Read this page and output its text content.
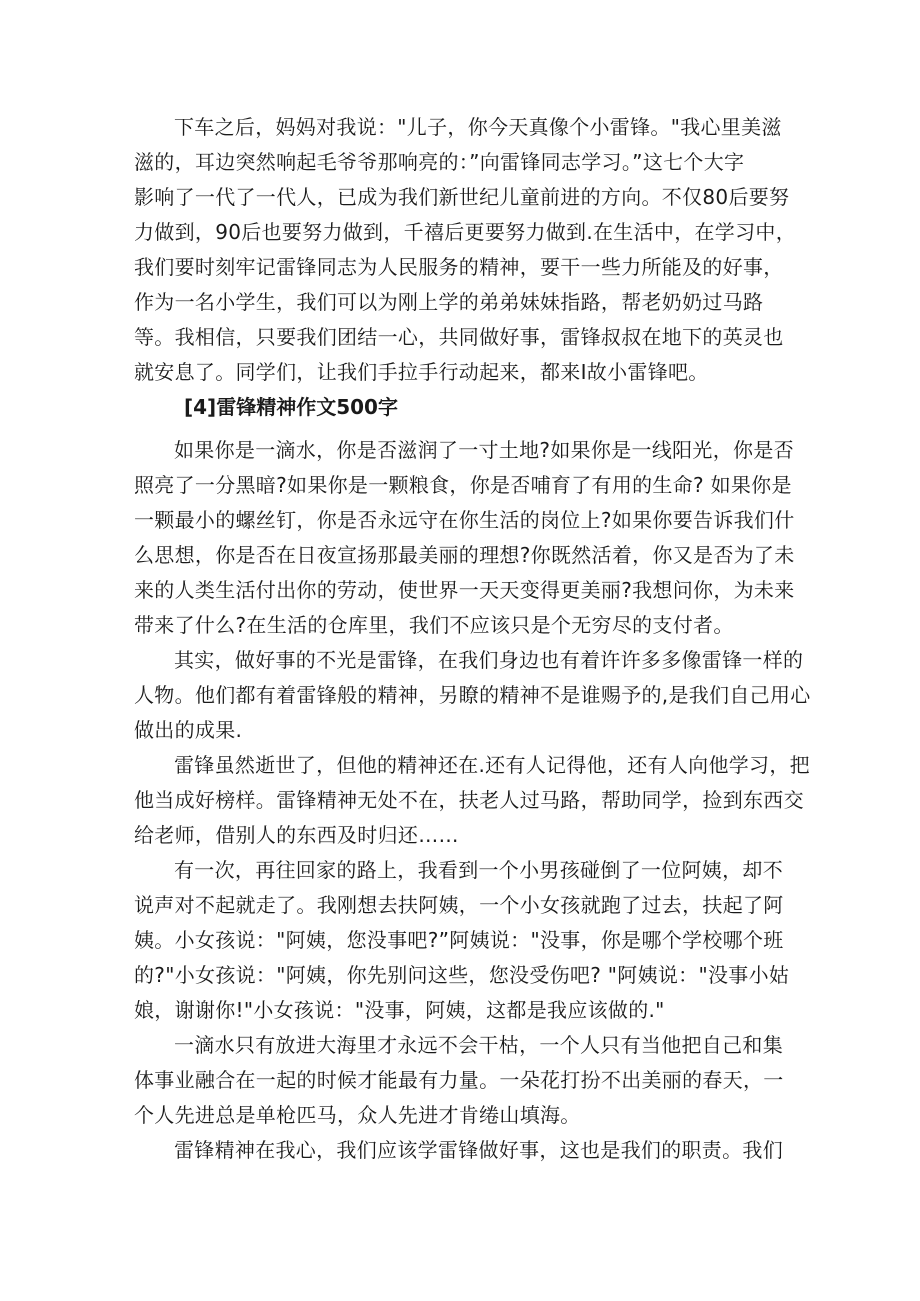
下车之后，妈妈对我说："儿子，你今天真像个小雷锋。"我心里美滋
滋的，耳边突然响起毛爷爷那响亮的：”向雷锋同志学习。”这七个大字
影响了一代了一代人，已成为我们新世纪儿童前进的方向。不仅80后要努
力做到，90后也要努力做到，千禧后更要努力做到.在生活中，在学习中，
我们要时刻牢记雷锋同志为人民服务的精神，要干一些力所能及的好事，
作为一名小学生，我们可以为刚上学的弟弟妹妹指路，帮老奶奶过马路
等。我相信，只要我们团结一心，共同做好事，雷锋叔叔在地下的英灵也
就安息了。同学们，让我们手拉手行动起来，都来I故小雷锋吧。

[4]雷锋精神作文500字

如果你是一滴水，你是否滋润了一寸土地?如果你是一线阳光，你是否
照亮了一分黑暗?如果你是一颗粮食，你是否哺育了有用的生命? 如果你是
一颗最小的螺丝钉，你是否永远守在你生活的岗位上?如果你要告诉我们什
么思想，你是否在日夜宣扬那最美丽的理想?你既然活着，你又是否为了未
来的人类生活付出你的劳动，使世界一天天变得更美丽?我想问你，为未来
带来了什么?在生活的仓库里，我们不应该只是个无穷尽的支付者。

其实，做好事的不光是雷锋，在我们身边也有着许许多多像雷锋一样的
人物。他们都有着雷锋般的精神，另瞭的精神不是谁赐予的,是我们自己用心
做出的成果.

雷锋虽然逝世了，但他的精神还在.还有人记得他，还有人向他学习，把
他当成好榜样。雷锋精神无处不在，扶老人过马路，帮助同学，捡到东西交
给老师，借别人的东西及时归还……

有一次，再往回家的路上，我看到一个小男孩碰倒了一位阿姨，却不
说声对不起就走了。我刚想去扶阿姨，一个小女孩就跑了过去，扶起了阿
姨。小女孩说："阿姨，您没事吧?”阿姨说："没事，你是哪个学校哪个班
的?"小女孩说："阿姨，你先别问这些，您没受伤吧? "阿姨说："没事小姑
娘，谢谢你!"小女孩说："没事，阿姨，这都是我应该做的."

一滴水只有放进大海里才永远不会干枯，一个人只有当他把自己和集
体事业融合在一起的时候才能最有力量。一朵花打扮不出美丽的春天，一
个人先进总是单枪匹马，众人先进才肯绻山填海。

雷锋精神在我心，我们应该学雷锋做好事，这也是我们的职责。我们
